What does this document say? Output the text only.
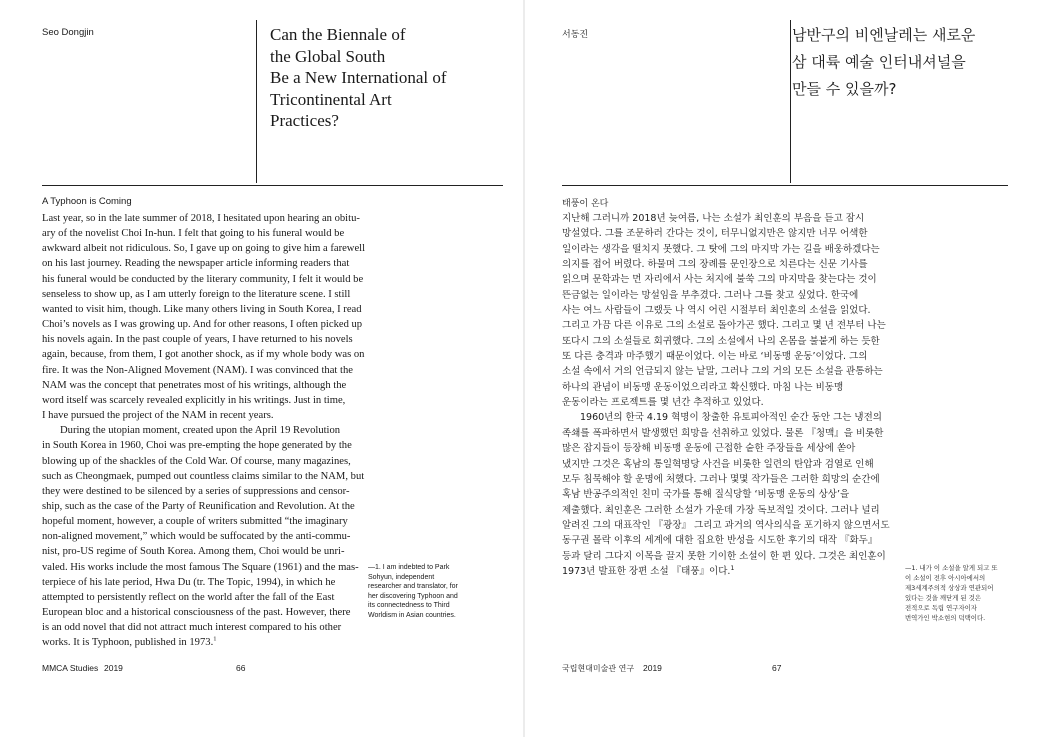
Seo Dongjin	Can the Biennale of
the Global South
Be a New International of
Tricontinental Art
Practices?
A Typhoon is Coming
Last year, so in the late summer of 2018, I hesitated upon hearing an obitu-
ary of the novelist Choi In-hun. I felt that going to his funeral would be
awkward albeit not ridiculous. So, I gave up on going to give him a farewell
on his last journey. Reading the newspaper article informing readers that
his funeral would be conducted by the literary community, I felt it would be
senseless to show up, as I am utterly foreign to the literature scene. I still
wanted to visit him, though. Like many others living in South Korea, I read
Choi’s novels as I was growing up. And for other reasons, I often picked up
his novels again. In the past couple of years, I have returned to his novels
again, because, from them, I got another shock, as if my whole body was on
fire. It was the Non-Aligned Movement (NAM). I was convinced that the
NAM was the concept that penetrates most of his writings, although the
word itself was scarcely revealed explicitly in his writings. Just in time,
I have pursued the project of the NAM in recent years.
During the utopian moment, created upon the April 19 Revolution
in South Korea in 1960, Choi was pre-empting the hope generated by the
blowing up of the shackles of the Cold War. Of course, many magazines,
such as Cheongmaek, pumped out countless claims similar to the NAM, but
they were destined to be silenced by a series of suppressions and censor-
ship, such as the case of the Party of Reunification and Revolution. At the
hopeful moment, however, a couple of writers submitted “the imaginary
non-aligned movement,” which would be suffocated by the anti-commu-
nist, pro-US regime of South Korea. Among them, Choi would be unri-
valed. His works include the most famous The Square (1961) and the mas-
terpiece of his late period, Hwa Du (tr. The Topic, 1994), in which he
attempted to persistently reflect on the world after the fall of the East
European bloc and a historical consciousness of the past. However, there
is an odd novel that did not attract much interest compared to his other
works. It is Typhoon, published in 1973.$^1$
—1. I am indebted to Park
Sohyun, independent
researcher and translator, for
her discovering Typhoon and
its connectedness to Third
Worldism in Asian countries.
MMCA Studies 2019	66
서동진	남반구의 비엔날레는 새로운
삼 대륙 예술 인터내셔널을
만들 수 있을까?
태풍이 온다
지난해 그러니까 2018년 늦여름, 나는 소설가 최인훈의 부음을 듣고 잠시
망설였다. 그를 조문하러 간다는 것이, 터무니없지만은 않지만 너무 어색한
일이라는 생각을 떨치지 못했다. 그 탓에 그의 마지막 가는 길을 배웅하겠다는
의지를 접어 버렸다. 하물며 그의 장례를 문인장으로 치른다는 신문 기사를
읽으며 문학과는 먼 자리에서 사는 처지에 불쑥 그의 마지막을 찾는다는 것이
뜬금없는 일이라는 망설임을 부추겼다. 그러나 그를 찾고 싶었다. 한국에
사는 여느 사람들이 그랬듯 나 역시 어린 시절부터 최인훈의 소설을 읽었다.
그리고 가끔 다른 이유로 그의 소설로 돌아가곤 했다. 그리고 몇 년 전부터 나는
또다시 그의 소설들로 회귀했다. 그의 소설에서 나의 온몸을 불붙게 하는 듯한
또 다른 충격과 마주했기 때문이었다. 이는 바로 ‘비동맹 운동’이었다. 그의
소설 속에서 거의 언급되지 않는 낱말, 그러나 그의 거의 모든 소설을 관통하는
하나의 관념이 비동맹 운동이었으리라고 확신했다. 마침 나는 비동맹
운동이라는 프로젝트를 몇 년간 추적하고 있었다.
1960년의 한국 4.19 혁명이 창출한 유토피아적인 순간 동안 그는 냉전의
족쇄를 폭파하면서 발생했던 희망을 선취하고 있었다. 물론 『청맥』을 비롯한
많은 잡지들이 등장해 비동맹 운동에 근접한 숱한 주장들을 세상에 쏟아
냈지만 그것은 혹남의 통일혁명당 사건을 비롯한 일련의 탄압과 검열로 인해
모두 침묵해야 할 운명에 처했다. 그러나 몇몇 작가들은 그러한 희망의 순간에
혹남 반공주의적인 친미 국가를 통해 질식당할 ‘비동맹 운동의 상상’을
제출했다. 최인훈은 그러한 소설가 가운데 가장 독보적일 것이다. 그러나 널리
알려진 그의 대표작인 『광장』 그리고 과거의 역사의식을 포기하지 않으면서도
동구권 몰락 이후의 세계에 대한 집요한 반성을 시도한 후기의 대작 『화두』
등과 달리 그다지 이목을 끌지 못한 기이한 소설이 한 편 있다. 그것은 최인훈이
1973년 발표한 장편 소설 『태풍』이다.$^1$	—1. 내가 이 소설을 알게 되고 또
이 소설이 전후 아시아에서의
제3세계주의적 상상과 연관되어
있다는 것을 깨닫게 된 것은
전적으로 독립 연구자이자
번역가인 박소현의 덕택이다.
국립현대미술관 연구 2019	67
